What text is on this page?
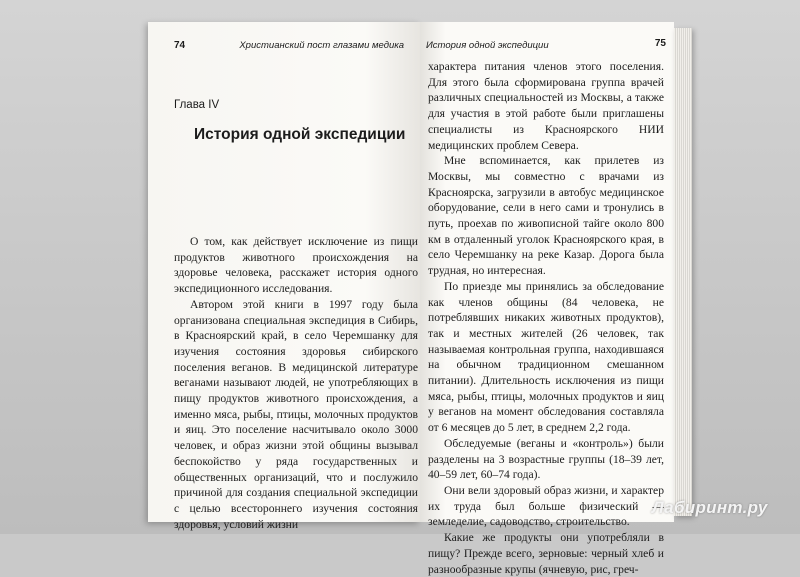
74	Христианский пост глазами медика
Глава IV
История одной экспедиции

О том, как действует исключение из пищи продуктов животного происхождения на здоровье человека, расскажет история одного экспедиционного исследования.

Автором этой книги в 1997 году была организована специальная экспедиция в Сибирь, в Красноярский край, в село Черемшанку для изучения состояния здоровья сибирского поселения веганов. В медицинской литературе веганами называют людей, не употребляющих в пищу продуктов животного происхождения, а именно мяса, рыбы, птицы, молочных продуктов и яиц. Это поселение насчитывало около 3000 человек, и образ жизни этой общины вызывал беспокойство у ряда государственных и общественных организаций, что и послужило причиной для создания специальной экспедиции с целью всестороннего изучения состояния здоровья, условий жизни

История одной экспедиции	75

характера питания членов этого поселения. Для этого была сформирована группа врачей различных специальностей из Москвы, а также для участия в этой работе были приглашены специалисты из Красноярского НИИ медицинских проблем Севера.

Мне вспоминается, как прилетев из Москвы, мы совместно с врачами из Красноярска, загрузили в автобус медицинское оборудование, сели в него сами и тронулись в путь, проехав по живописной тайге около 800 км в отдаленный уголок Красноярского края, в село Черемшанку на реке Казар. Дорога была трудная, но интересная.

По приезде мы принялись за обследование как членов общины (84 человека, не потреблявших никаких животных продуктов), так и местных жителей (26 человек, так называемая контрольная группа, находившаяся на обычном традиционном смешанном питании). Длительность исключения из пищи мяса, рыбы, птицы, молочных продуктов и яиц у веганов на момент обследования составляла от 6 месяцев до 5 лет, в среднем 2,2 года.

Обследуемые (веганы и «контроль») были разделены на 3 возрастные группы (18–39 лет, 40–59 лет, 60–74 года).

Они вели здоровый образ жизни, и характер их труда был больше физический — земледелие, садоводство, строительство.

Какие же продукты они употребляли в пищу? Прежде всего, зерновые: черный хлеб и разнообразные крупы (ячневую, рис, греч-

Лабиринт.ру
